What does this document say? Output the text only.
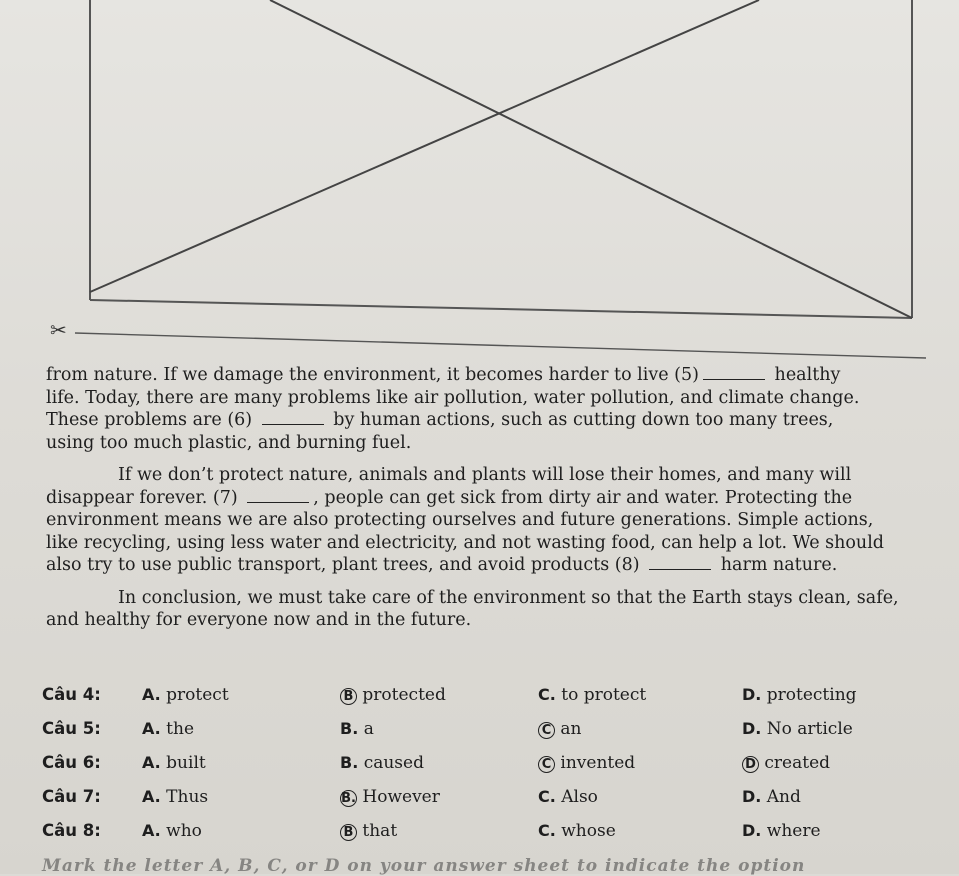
✂

from nature. If we damage the environment, it becomes harder to live (5)	healthy
life. Today, there are many problems like air pollution, water pollution, and climate change.
These problems are (6)	by human actions, such as cutting down too many trees,
using too much plastic, and burning fuel.

If we don’t protect nature, animals and plants will lose their homes, and many will
disappear forever. (7)	, people can get sick from dirty air and water. Protecting the
environment means we are also protecting ourselves and future generations. Simple actions,
like recycling, using less water and electricity, and not wasting food, can help a lot. We should
also try to use public transport, plant trees, and avoid products (8)	harm nature.

In conclusion, we must take care of the environment so that the Earth stays clean, safe,
and healthy for everyone now and in the future.

Câu 4:	A. protect	B protected	C. to protect	D. protecting
Câu 5:	A. the	B. a	C an	D. No article
Câu 6:	A. built	B. caused	C invented	D created
Câu 7:	A. Thus	B. However	C. Also	D. And
Câu 8:	A. who	B that	C. whose	D. where
Mark the letter A, B, C, or D on your answer sheet to indicate the option
